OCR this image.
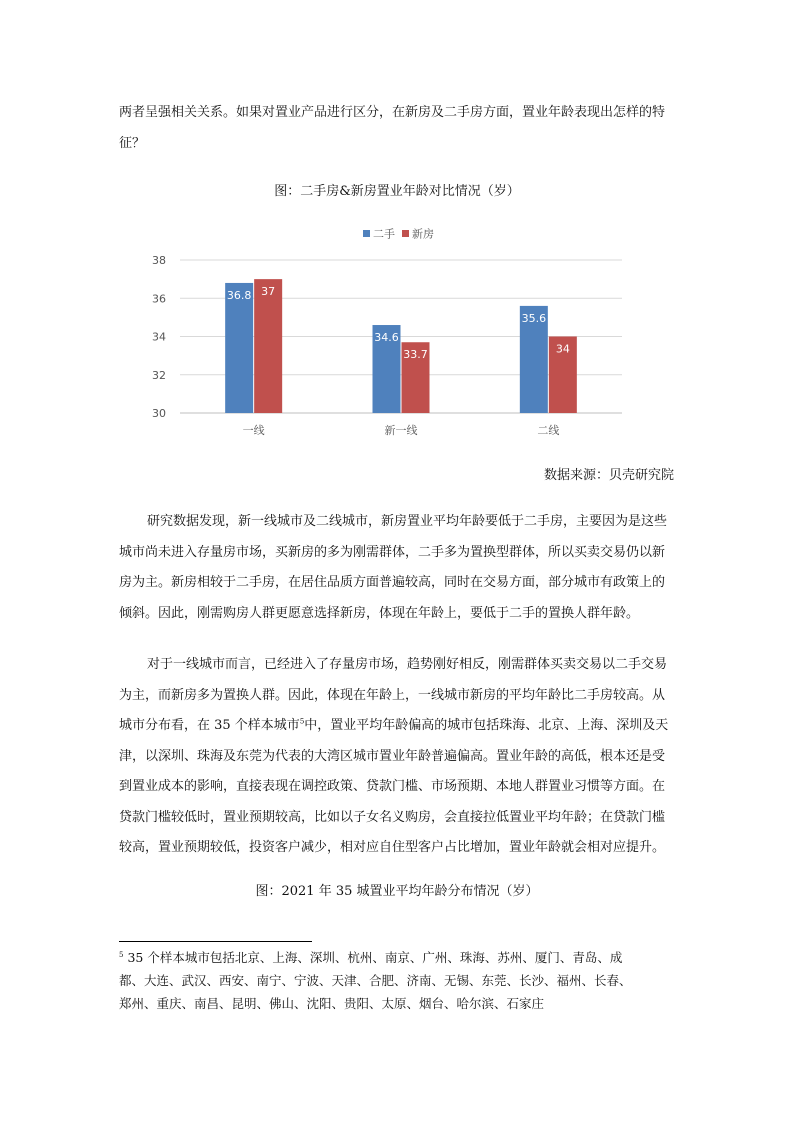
两者呈强相关关系。如果对置业产品进行区分，在新房及二手房方面，置业年龄表现出怎样的特
征？
图：二手房&新房置业年龄对比情况（岁）
二手 新房
30
32
34
36
38
36.8 37
34.6
33.7
35.6
34
一线	新一线	二线
数据来源：贝壳研究院
研究数据发现，新一线城市及二线城市，新房置业平均年龄要低于二手房，主要因为是这些
城市尚未进入存量房市场，买新房的多为刚需群体，二手多为置换型群体，所以买卖交易仍以新
房为主。新房相较于二手房，在居住品质方面普遍较高，同时在交易方面，部分城市有政策上的
倾斜。因此，刚需购房人群更愿意选择新房，体现在年龄上，要低于二手的置换人群年龄。
对于一线城市而言，已经进入了存量房市场，趋势刚好相反，刚需群体买卖交易以二手交易
为主，而新房多为置换人群。因此，体现在年龄上，一线城市新房的平均年龄比二手房较高。从
城市分布看，在 35 个样本城市$^5$中，置业平均年龄偏高的城市包括珠海、北京、上海、深圳及天
津，以深圳、珠海及东莞为代表的大湾区城市置业年龄普遍偏高。置业年龄的高低，根本还是受
到置业成本的影响，直接表现在调控政策、贷款门槛、市场预期、本地人群置业习惯等方面。在
贷款门槛较低时，置业预期较高，比如以子女名义购房，会直接拉低置业平均年龄；在贷款门槛
较高，置业预期较低，投资客户减少，相对应自住型客户占比增加，置业年龄就会相对应提升。
图：2021 年 35 城置业平均年龄分布情况（岁）
$^5$ 35 个样本城市包括北京、上海、深圳、杭州、南京、广州、珠海、苏州、厦门、青岛、成
都、大连、武汉、西安、南宁、宁波、天津、合肥、济南、无锡、东莞、长沙、福州、长春、
郑州、重庆、南昌、昆明、佛山、沈阳、贵阳、太原、烟台、哈尔滨、石家庄
